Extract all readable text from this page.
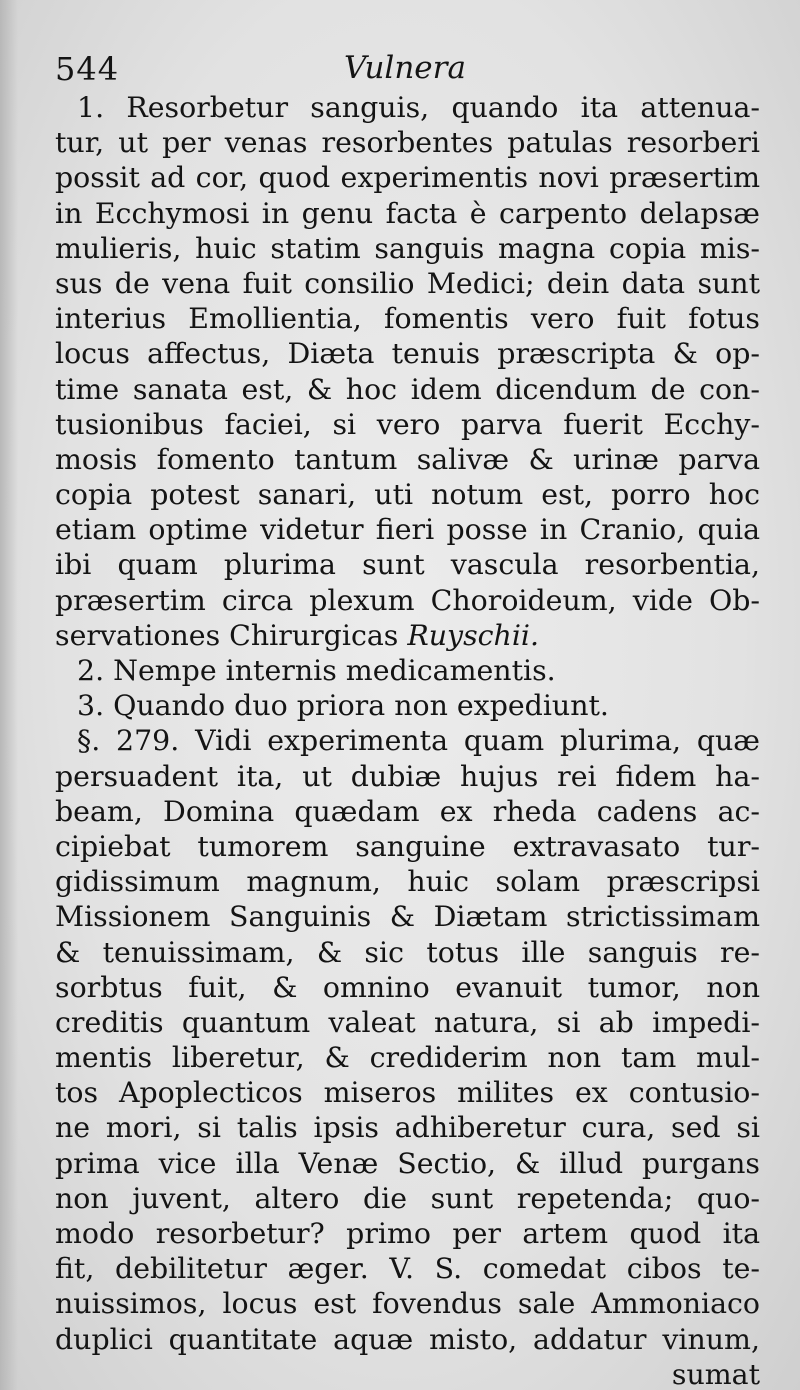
544	Vulnera
1. Resorbetur sanguis, quando ita attenua-
tur, ut per venas resorbentes patulas resorberi
possit ad cor, quod experimentis novi præsertim
in Ecchymosi in genu facta è carpento delapsæ
mulieris, huic statim sanguis magna copia mis-
sus de vena fuit consilio Medici; dein data sunt
interius Emollientia, fomentis vero fuit fotus
locus affectus, Diæta tenuis præscripta & op-
time sanata est, & hoc idem dicendum de con-
tusionibus faciei, si vero parva fuerit Ecchy-
mosis fomento tantum salivæ & urinæ parva
copia potest sanari, uti notum est, porro hoc
etiam optime videtur fieri posse in Cranio, quia
ibi quam plurima sunt vascula resorbentia,
præsertim circa plexum Choroideum, vide Ob-
servationes Chirurgicas Ruyschii.
2. Nempe internis medicamentis.
3. Quando duo priora non expediunt.
§. 279. Vidi experimenta quam plurima, quæ
persuadent ita, ut dubiæ hujus rei fidem ha-
beam, Domina quædam ex rheda cadens ac-
cipiebat tumorem sanguine extravasato tur-
gidissimum magnum, huic solam præscripsi
Missionem Sanguinis & Diætam strictissimam
& tenuissimam, & sic totus ille sanguis re-
sorbtus fuit, & omnino evanuit tumor, non
creditis quantum valeat natura, si ab impedi-
mentis liberetur, & crediderim non tam mul-
tos Apoplecticos miseros milites ex contusio-
ne mori, si talis ipsis adhiberetur cura, sed si
prima vice illa Venæ Sectio, & illud purgans
non juvent, altero die sunt repetenda; quo-
modo resorbetur? primo per artem quod ita
fit, debilitetur æger. V. S. comedat cibos te-
nuissimos, locus est fovendus sale Ammoniaco
duplici quantitate aquæ misto, addatur vinum,
sumat
